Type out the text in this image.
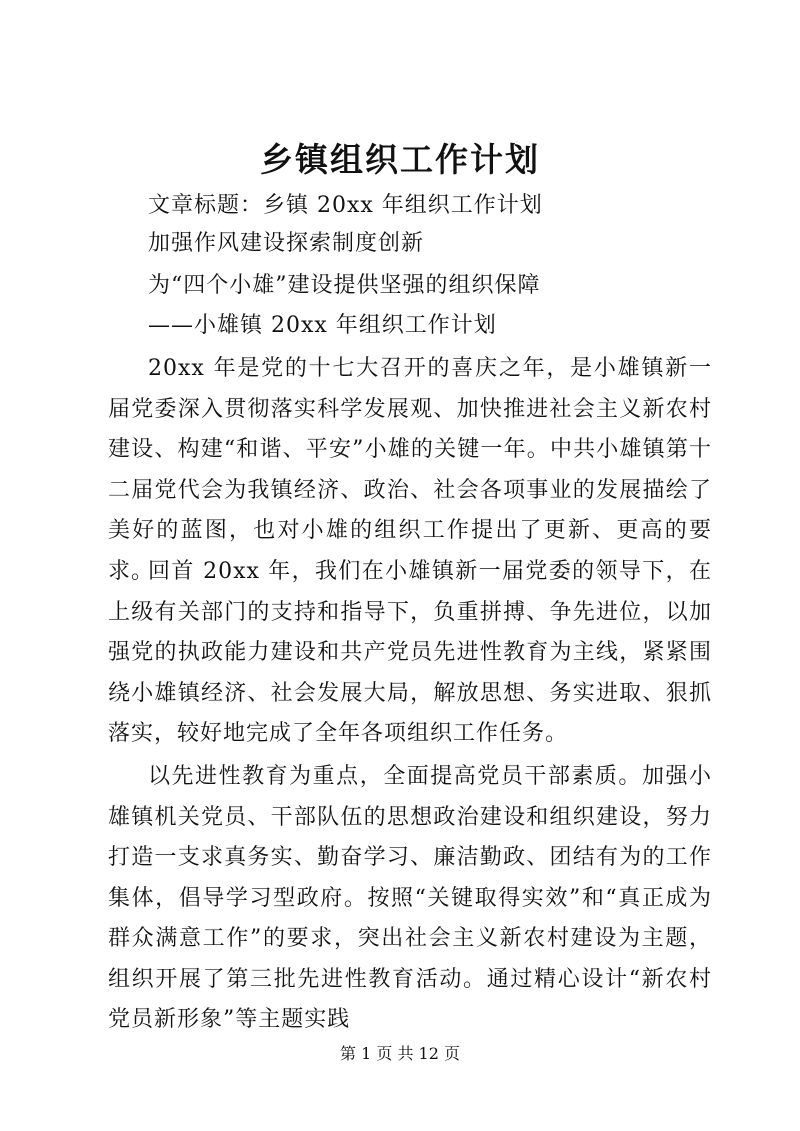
乡镇组织工作计划

文章标题：乡镇 20xx 年组织工作计划

加强作风建设探索制度创新

为“四个小雄”建设提供坚强的组织保障

——小雄镇 20xx 年组织工作计划

20xx 年是党的十七大召开的喜庆之年，是小雄镇新一届党委深入贯彻落实科学发展观、加快推进社会主义新农村建设、构建“和谐、平安”小雄的关键一年。中共小雄镇第十二届党代会为我镇经济、政治、社会各项事业的发展描绘了美好的蓝图，也对小雄的组织工作提出了更新、更高的要求。

回首 20xx 年，我们在小雄镇新一届党委的领导下，在上级有关部门的支持和指导下，负重拼搏、争先进位，以加强党的执政能力建设和共产党员先进性教育为主线，紧紧围绕小雄镇经济、社会发展大局，解放思想、务实进取、狠抓落实，较好地完成了全年各项组织工作任务。

以先进性教育为重点，全面提高党员干部素质。加强小雄镇机关党员、干部队伍的思想政治建设和组织建设，努力打造一支求真务实、勤奋学习、廉洁勤政、团结有为的工作集体，倡导学习型政府。按照“关键取得实效”和“真正成为群众满意工作”的要求，突出社会主义新农村建设为主题，组织开展了第三批先进性教育活动。通过精心设计“新农村党员新形象”等主题实践

第 1 页 共 12 页
